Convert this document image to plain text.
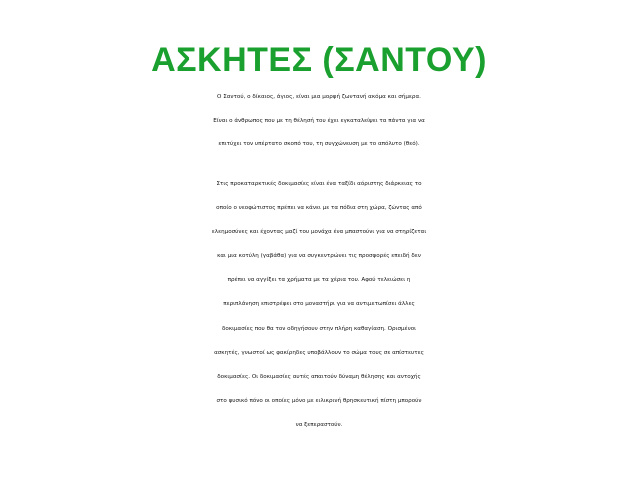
ΑΣΚΗΤΕΣ (ΣΑΝΤΟΥ)

Ο Σαντού, ο δίκαιος, άγιος, είναι μια μορφή ζωντανή ακόμα και σήμερα.
Είναι ο άνθρωπος που με τη θέλησή του έχει εγκαταλείψει τα πάντα για να
επιτύχει τον υπέρτατο σκοπό του, τη συγχώνευση με το απόλυτο (θεό).

Στις προκαταρκτικές δοκιμασίες είναι ένα ταξίδι αόριστης διάρκειας το
οποίο ο νεοφώτιστος πρέπει να κάνει με τα πόδια στη χώρα, ζώντας από
ελεημοσύνες και έχοντας μαζί του μονάχα ένα μπαστούνι για να στηρίζεται
και μια κοτύλη (γαβάθα) για να συγκεντρώνει τις προσφορές επειδή δεν
πρέπει να αγγίξει τα χρήματα με τα χέρια του. Αφού τελειώσει η
περιπλάνηση επιστρέφει στο μοναστήρι για να αντιμετωπίσει άλλες
δοκιμασίες που θα τον οδηγήσουν στην πλήρη καθαγίαση. Ορισμένοι
ασκητές, γνωστοί ως φακίρηδες υποβάλλουν το σώμα τους σε απίστευτες
δοκιμασίες. Οι δοκιμασίες αυτές απαιτούν δύναμη θέλησης και αντοχής
στο φυσικό πόνο οι οποίες μόνο με ειλικρινή θρησκευτική πίστη μπορούν
να ξεπεραστούν.
